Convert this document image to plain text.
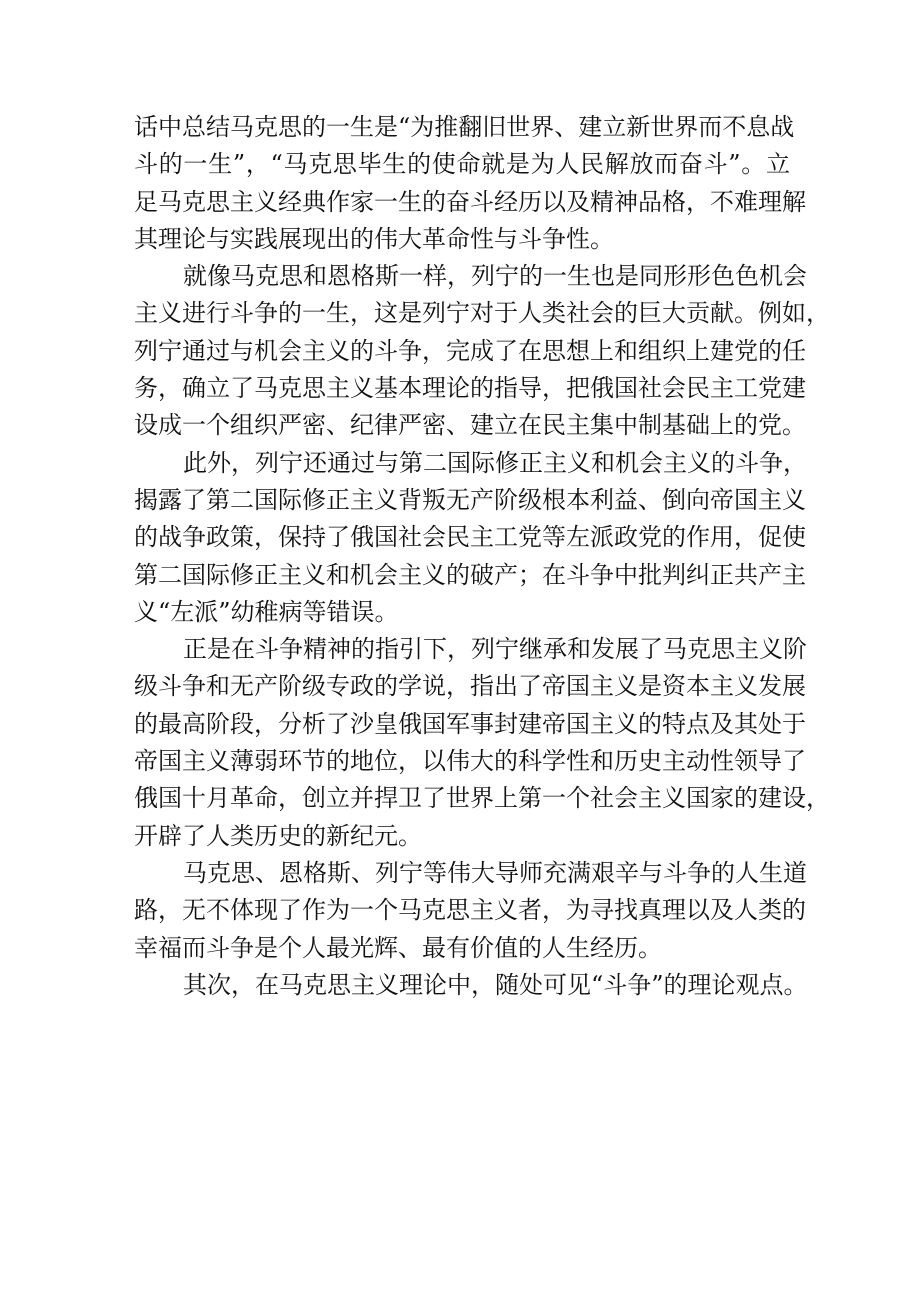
话中总结马克思的一生是“为推翻旧世界、建立新世界而不息战
斗的一生”，“马克思毕生的使命就是为人民解放而奋斗”。立
足马克思主义经典作家一生的奋斗经历以及精神品格，不难理解
其理论与实践展现出的伟大革命性与斗争性。
就像马克思和恩格斯一样，列宁的一生也是同形形色色机会
主义进行斗争的一生，这是列宁对于人类社会的巨大贡献。例如，
列宁通过与机会主义的斗争，完成了在思想上和组织上建党的任
务，确立了马克思主义基本理论的指导，把俄国社会民主工党建
设成一个组织严密、纪律严密、建立在民主集中制基础上的党。
此外，列宁还通过与第二国际修正主义和机会主义的斗争，
揭露了第二国际修正主义背叛无产阶级根本利益、倒向帝国主义
的战争政策，保持了俄国社会民主工党等左派政党的作用，促使
第二国际修正主义和机会主义的破产；在斗争中批判纠正共产主
义“左派”幼稚病等错误。
正是在斗争精神的指引下，列宁继承和发展了马克思主义阶
级斗争和无产阶级专政的学说，指出了帝国主义是资本主义发展
的最高阶段，分析了沙皇俄国军事封建帝国主义的特点及其处于
帝国主义薄弱环节的地位，以伟大的科学性和历史主动性领导了
俄国十月革命，创立并捍卫了世界上第一个社会主义国家的建设，
开辟了人类历史的新纪元。
马克思、恩格斯、列宁等伟大导师充满艰辛与斗争的人生道
路，无不体现了作为一个马克思主义者，为寻找真理以及人类的
幸福而斗争是个人最光辉、最有价值的人生经历。
其次，在马克思主义理论中，随处可见“斗争”的理论观点。
